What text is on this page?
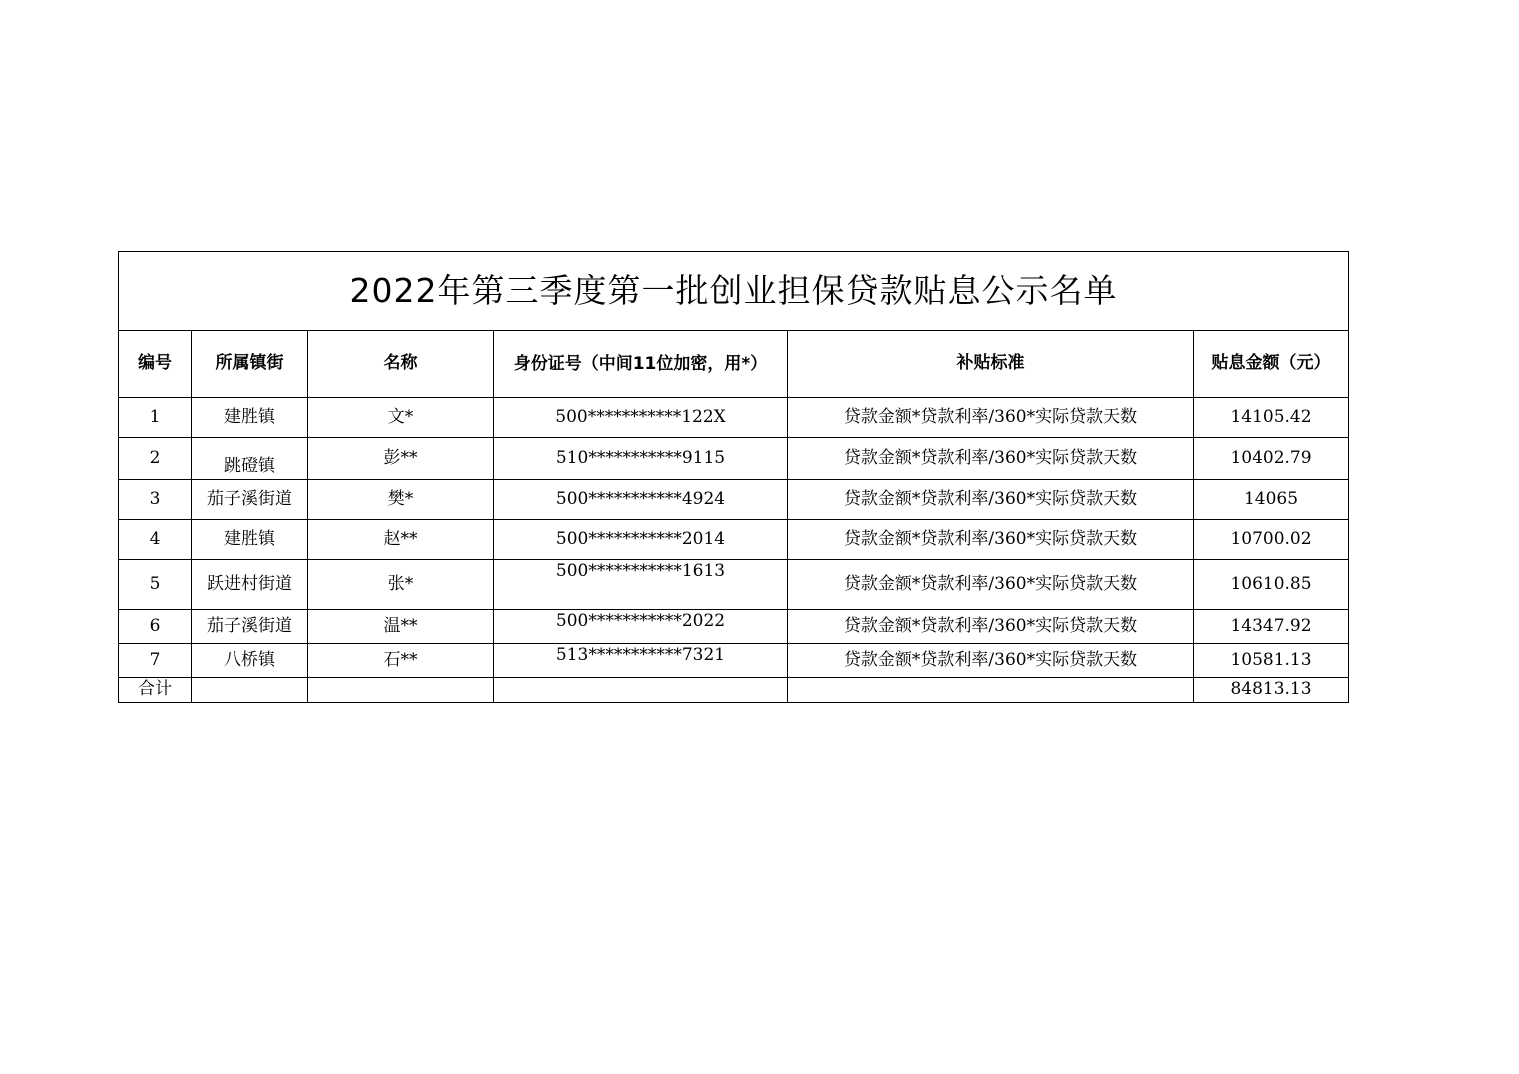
2022年第三季度第一批创业担保贷款贴息公示名单					
编号	所属镇街	名称	身份证号（中间11位加密，用*）	补贴标准	贴息金额（元）
1	建胜镇	文*	500***********122X	贷款金额*贷款利率/360*实际贷款天数	14105.42
2	跳磴镇	彭**	510***********9115	贷款金额*贷款利率/360*实际贷款天数	10402.79
3	茄子溪街道	樊*	500***********4924	贷款金额*贷款利率/360*实际贷款天数	14065
4	建胜镇	赵**	500***********2014	贷款金额*贷款利率/360*实际贷款天数	10700.02
5	跃进村街道	张*	500***********1613	贷款金额*贷款利率/360*实际贷款天数	10610.85
6	茄子溪街道	温**	500***********2022	贷款金额*贷款利率/360*实际贷款天数	14347.92
7	八桥镇	石**	513***********7321	贷款金额*贷款利率/360*实际贷款天数	10581.13
合计					84813.13
